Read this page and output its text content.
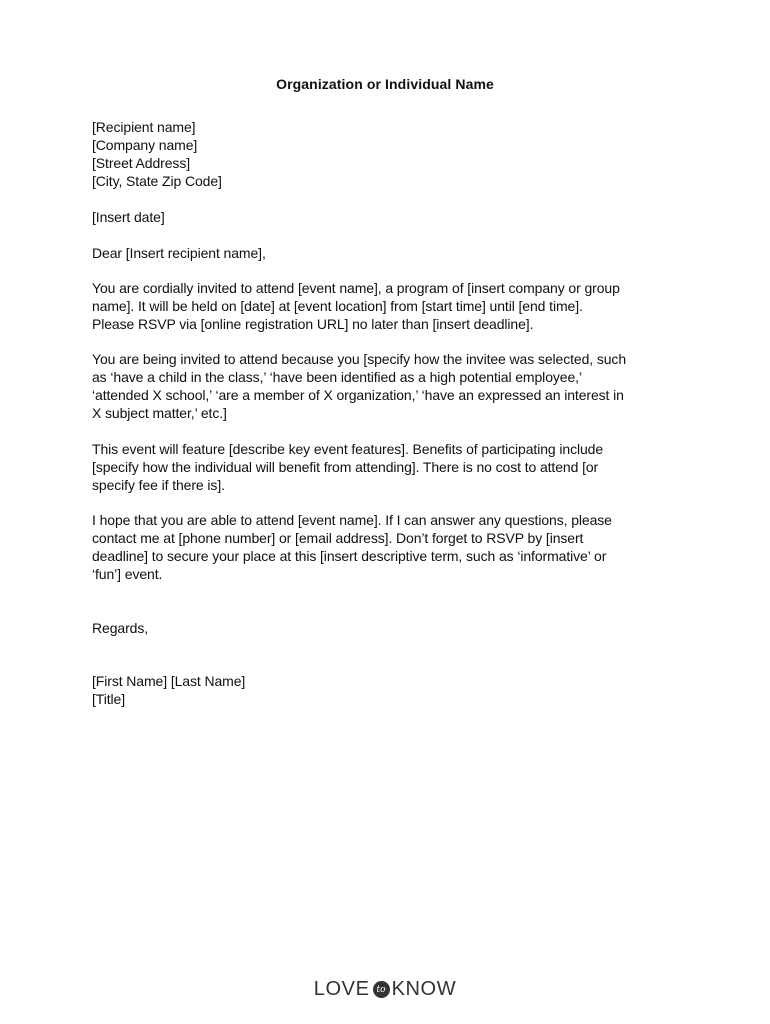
Organization or Individual Name
[Recipient name]
[Company name]
[Street Address]
[City, State Zip Code]
[Insert date]
Dear [Insert recipient name],
You are cordially invited to attend [event name], a program of [insert company or group
name]. It will be held on [date] at [event location] from [start time] until [end time].
Please RSVP via [online registration URL] no later than [insert deadline].
You are being invited to attend because you [specify how the invitee was selected, such
as ‘have a child in the class,’ ‘have been identified as a high potential employee,’
‘attended X school,’ ‘are a member of X organization,’ ‘have an expressed an interest in
X subject matter,’ etc.]
This event will feature [describe key event features]. Benefits of participating include
[specify how the individual will benefit from attending]. There is no cost to attend [or
specify fee if there is].
I hope that you are able to attend [event name]. If I can answer any questions, please
contact me at [phone number] or [email address]. Don’t forget to RSVP by [insert
deadline] to secure your place at this [insert descriptive term, such as ‘informative’ or
‘fun’] event.
Regards,
[First Name] [Last Name]
[Title]
LOVE to KNOW
